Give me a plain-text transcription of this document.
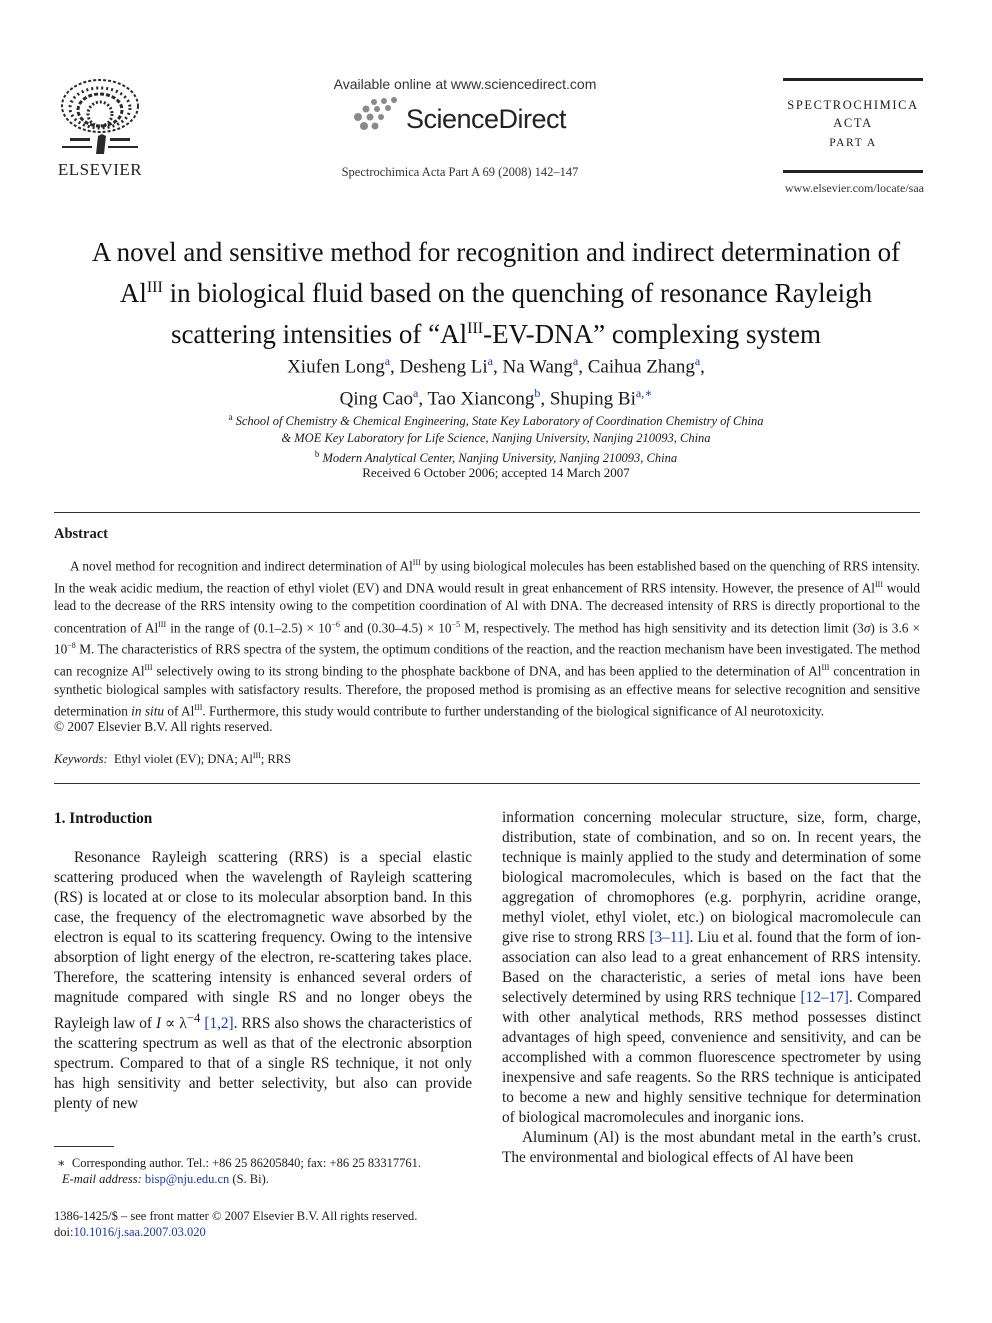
ELSEVIER
Available online at www.sciencedirect.com
ScienceDirect
Spectrochimica Acta Part A 69 (2008) 142–147
SPECTROCHIMICA
ACTA
PART A
www.elsevier.com/locate/saa
A novel and sensitive method for recognition and indirect determination of
$Al^{III}$ in biological fluid based on the quenching of resonance Rayleigh
scattering intensities of “$Al^{III}-EV$-DNA” complexing system
Xiufen Long$^a$, Desheng Li$^a$, Na Wang$^a$, Caihua Zhang$^a$,
Qing Cao$^a$, Tao Xiancong$^b$, Shuping Bi$^{a,∗}$
$^a$ School of Chemistry & Chemical Engineering, State Key Laboratory of Coordination Chemistry of China
& MOE Key Laboratory for Life Science, Nanjing University, Nanjing 210093, China
$^b$ Modern Analytical Center, Nanjing University, Nanjing 210093, China
Received 6 October 2006; accepted 14 March 2007
Abstract

A novel method for recognition and indirect determination of $Al^{III}$ by using biological molecules has been established based on the quenching of RRS intensity. In the weak acidic medium, the reaction of ethyl violet (EV) and DNA would result in great enhancement of RRS intensity. However, the presence of $Al^{III}$ would lead to the decrease of the RRS intensity owing to the competition coordination of Al with DNA. The decreased intensity of RRS is directly proportional to the concentration of $Al^{III}$ in the range of $(0.1-2.5) \times 10^{-6}$ and $(0.30-4.5) \times 10^{-5}$ M, respectively. The method has high sensitivity and its detection limit (3σ) is $3.6 \times 10^{-8}$ M. The characteristics of RRS spectra of the system, the optimum conditions of the reaction, and the reaction mechanism have been investigated. The method can recognize $Al^{III}$ selectively owing to its strong binding to the phosphate backbone of DNA, and has been applied to the determination of $Al^{III}$ concentration in synthetic biological samples with satisfactory results. Therefore, the proposed method is promising as an effective means for selective recognition and sensitive determination in situ of $Al^{III}$. Furthermore, this study would contribute to further understanding of the biological significance of Al neurotoxicity.

© 2007 Elsevier B.V. All rights reserved.
Keywords: Ethyl violet (EV); DNA; $Al^{III}$; RRS
1. Introduction

Resonance Rayleigh scattering (RRS) is a special elastic scattering produced when the wavelength of Rayleigh scattering (RS) is located at or close to its molecular absorption band. In this case, the frequency of the electromagnetic wave absorbed by the electron is equal to its scattering frequency. Owing to the intensive absorption of light energy of the electron, re-scattering takes place. Therefore, the scattering intensity is enhanced several orders of magnitude compared with single RS and no longer obeys the Rayleigh law of $I \propto \lambda^{-4}$ [1,2]. RRS also shows the characteristics of the scattering spectrum as well as that of the electronic absorption spectrum. Compared to that of a single RS technique, it not only has high sensitivity and better selectivity, but also can provide plenty of new

information concerning molecular structure, size, form, charge, distribution, state of combination, and so on. In recent years, the technique is mainly applied to the study and determination of some biological macromolecules, which is based on the fact that the aggregation of chromophores (e.g. porphyrin, acridine orange, methyl violet, ethyl violet, etc.) on biological macromolecule can give rise to strong RRS [3–11]. Liu et al. found that the form of ion-association can also lead to a great enhancement of RRS intensity. Based on the characteristic, a series of metal ions have been selectively determined by using RRS technique [12–17]. Compared with other analytical methods, RRS method possesses distinct advantages of high speed, convenience and sensitivity, and can be accomplished with a common fluorescence spectrometer by using inexpensive and safe reagents. So the RRS technique is anticipated to become a new and highly sensitive technique for determination of biological macromolecules and inorganic ions.

Aluminum (Al) is the most abundant metal in the earth’s crust. The environmental and biological effects of Al have been

∗ Corresponding author. Tel.: +86 25 86205840; fax: +86 25 83317761.
E-mail address: bisp@nju.edu.cn (S. Bi).
1386-1425/$ – see front matter © 2007 Elsevier B.V. All rights reserved.
doi:10.1016/j.saa.2007.03.020
